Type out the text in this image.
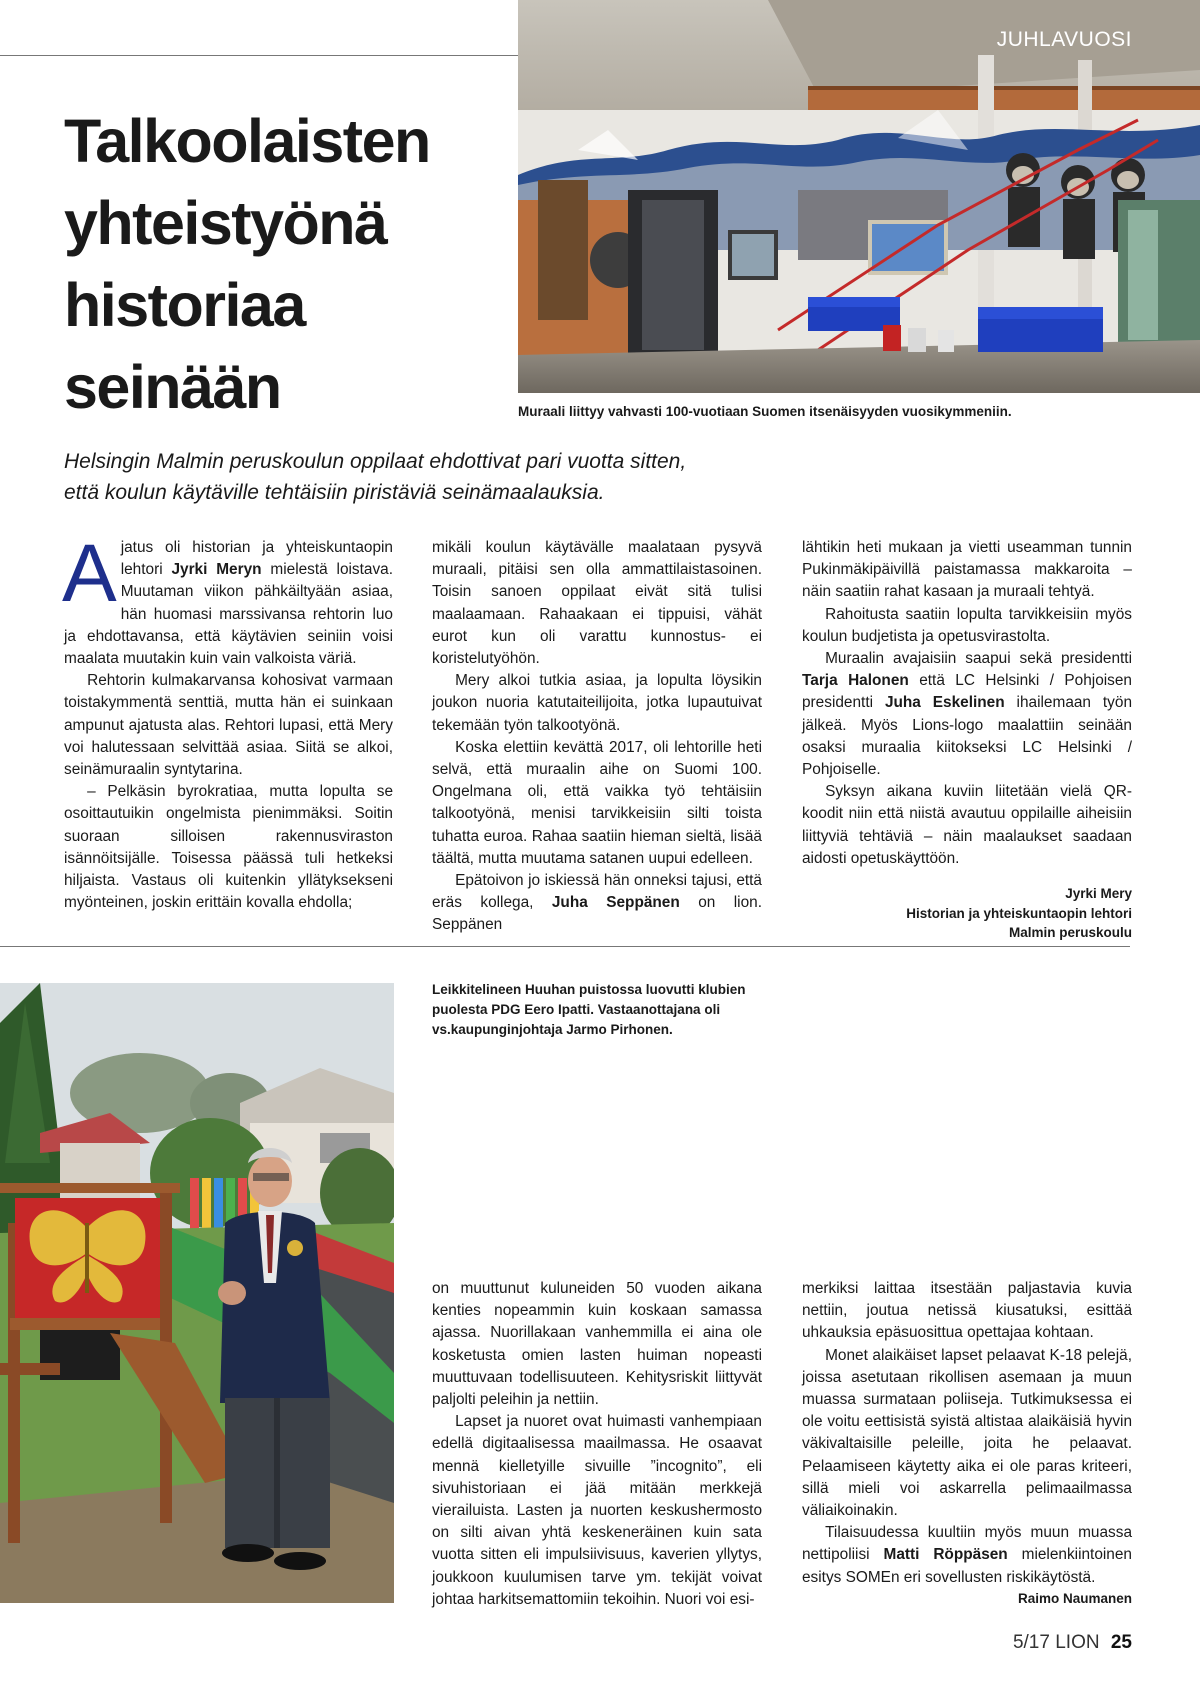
JUHLAVUOSI
Muraali liittyy vahvasti 100-vuotiaan Suomen itsenäisyyden vuosikymmeniin.
Talkoolaisten
yhteistyönä
historiaa
seinään
Helsingin Malmin peruskoulun oppilaat ehdottivat pari vuotta sitten,
että koulun käytäville tehtäisiin piristäviä seinämaalauksia.
A jatus oli historian ja yhteiskuntaopin lehtori Jyrki Meryn mielestä loistava. Muutaman viikon pähkäiltyään asiaa, hän huomasi marssivansa rehtorin luo ja ehdottavansa, että käytävien seiniin voisi maalata muutakin kuin vain valkoista väriä.

Rehtorin kulmakarvansa kohosivat varmaan toistakymmentä senttiä, mutta hän ei suinkaan ampunut ajatusta alas. Rehtori lupasi, että Mery voi halutessaan selvittää asiaa. Siitä se alkoi, seinämuraalin syntytarina.

– Pelkäsin byrokratiaa, mutta lopulta se osoittautuikin ongelmista pienimmäksi. Soitin suoraan silloisen rakennusviraston isännöitsijälle. Toisessa päässä tuli hetkeksi hiljaista. Vastaus oli kuitenkin yllätyksekseni myönteinen, joskin erittäin kovalla ehdolla;

mikäli koulun käytävälle maalataan pysyvä muraali, pitäisi sen olla ammattilaistasoinen. Toisin sanoen oppilaat eivät sitä tulisi maalaamaan. Rahaakaan ei tippuisi, vähät eurot kun oli varattu kunnostus- ei koristelutyöhön.

Mery alkoi tutkia asiaa, ja lopulta löysikin joukon nuoria katutaiteilijoita, jotka lupautuivat tekemään työn talkootyönä.

Koska elettiin kevättä 2017, oli lehtorille heti selvä, että muraalin aihe on Suomi 100. Ongelmana oli, että vaikka työ tehtäisiin talkootyönä, menisi tarvikkeisiin silti toista tuhatta euroa. Rahaa saatiin hieman sieltä, lisää täältä, mutta muutama satanen uupui edelleen.

Epätoivon jo iskiessä hän onneksi tajusi, että eräs kollega, Juha Seppänen on lion. Seppänen

lähtikin heti mukaan ja vietti useamman tunnin Pukinmäkipäivillä paistamassa makkaroita – näin saatiin rahat kasaan ja muraali tehtyä.

Rahoitusta saatiin lopulta tarvikkeisiin myös koulun budjetista ja opetusvirastolta.

Muraalin avajaisiin saapui sekä presidentti Tarja Halonen että LC Helsinki / Pohjoisen presidentti Juha Eskelinen ihailemaan työn jälkeä. Myös Lions-logo maalattiin seinään osaksi muraalia kiitokseksi LC Helsinki / Pohjoiselle.

Syksyn aikana kuviin liitetään vielä QR-koodit niin että niistä avautuu oppilaille aiheisiin liittyviä tehtäviä – näin maalaukset saadaan aidosti opetuskäyttöön.

Jyrki Mery
Historian ja yhteiskuntaopin lehtori
Malmin peruskoulu
Leikkitelineen Huuhan puistossa luovutti klubien puolesta PDG Eero Ipatti. Vastaanottajana oli vs.kaupunginjohtaja Jarmo Pirhonen.

on muuttunut kuluneiden 50 vuoden aikana kenties nopeammin kuin koskaan samassa ajassa. Nuorillakaan vanhemmilla ei aina ole kosketusta omien lasten huiman nopeasti muuttuvaan todellisuuteen. Kehitysriskit liittyvät paljolti peleihin ja nettiin.

Lapset ja nuoret ovat huimasti vanhempiaan edellä digitaalisessa maailmassa. He osaavat mennä kielletyille sivuille ”incognito”, eli sivuhistoriaan ei jää mitään merkkejä vierailuista. Lasten ja nuorten keskushermosto on silti aivan yhtä keskeneräinen kuin sata vuotta sitten eli impulsiivisuus, kaverien yllytys, joukkoon kuulumisen tarve ym. tekijät voivat johtaa harkitsemattomiin tekoihin. Nuori voi esi-

merkiksi laittaa itsestään paljastavia kuvia nettiin, joutua netissä kiusatuksi, esittää uhkauksia epäsuosittua opettajaa kohtaan.

Monet alaikäiset lapset pelaavat K-18 pelejä, joissa asetutaan rikollisen asemaan ja muun muassa surmataan poliiseja. Tutkimuksessa ei ole voitu eettisistä syistä altistaa alaikäisiä hyvin väkivaltaisille peleille, joita he pelaavat. Pelaamiseen käytetty aika ei ole paras kriteeri, sillä mieli voi askarrella pelimaailmassa väliaikoinakin.

Tilaisuudessa kuultiin myös muun muassa nettipoliisi Matti Röppäsen mielenkiintoinen esitys SOMEn eri sovellusten riskikäytöstä.

Raimo Naumanen
5/17 LION 25
